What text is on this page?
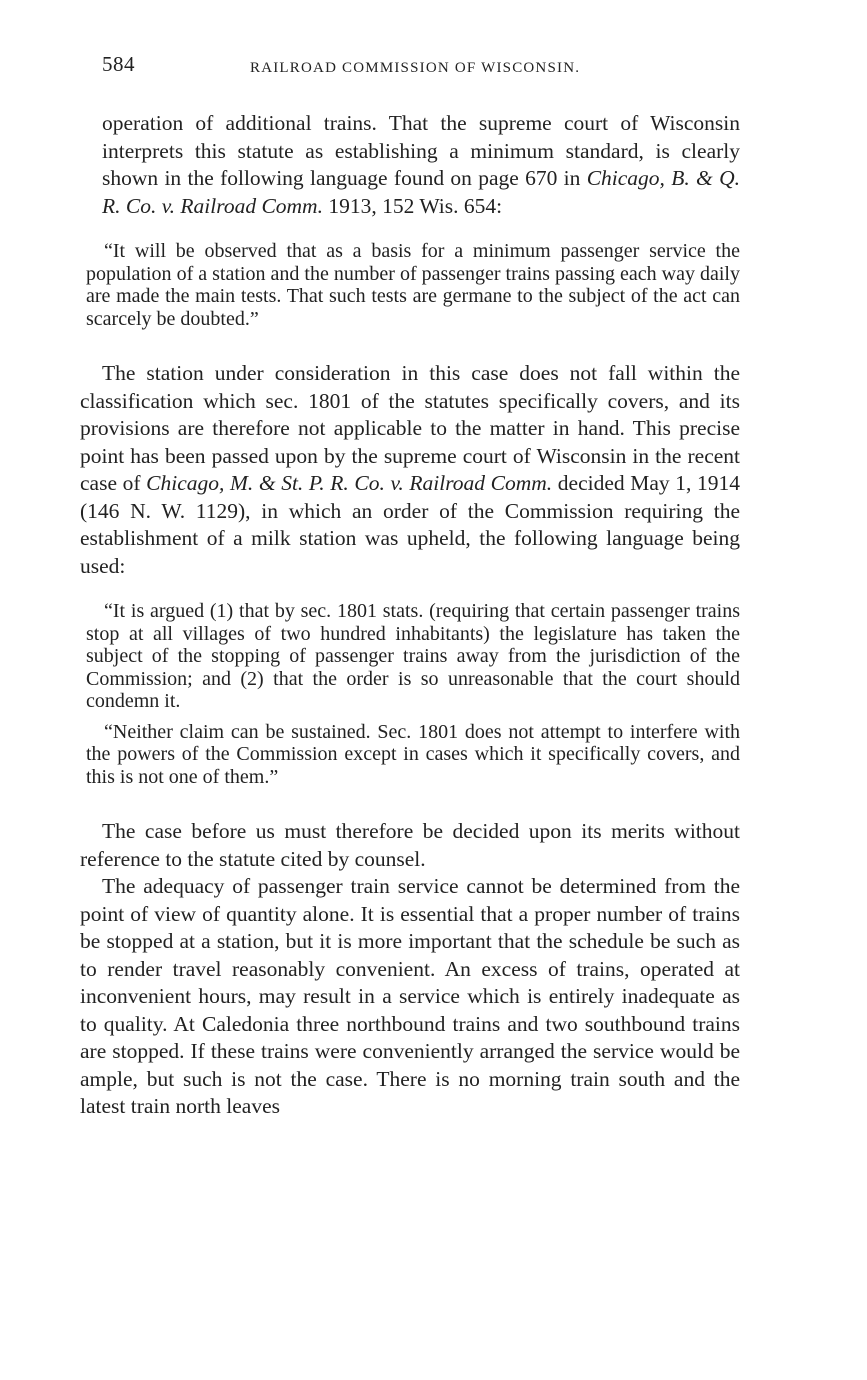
584	RAILROAD COMMISSION OF WISCONSIN.

operation of additional trains. That the supreme court of Wisconsin interprets this statute as establishing a minimum standard, is clearly shown in the following language found on page 670 in Chicago, B. & Q. R. Co. v. Railroad Comm. 1913, 152 Wis. 654:

“It will be observed that as a basis for a minimum passenger service the population of a station and the number of passenger trains passing each way daily are made the main tests. That such tests are germane to the subject of the act can scarcely be doubted.”

The station under consideration in this case does not fall within the classification which sec. 1801 of the statutes specifically covers, and its provisions are therefore not applicable to the matter in hand. This precise point has been passed upon by the supreme court of Wisconsin in the recent case of Chicago, M. & St. P. R. Co. v. Railroad Comm. decided May 1, 1914 (146 N. W. 1129), in which an order of the Commission requiring the establishment of a milk station was upheld, the following language being used:

“It is argued (1) that by sec. 1801 stats. (requiring that certain passenger trains stop at all villages of two hundred inhabitants) the legislature has taken the subject of the stopping of passenger trains away from the jurisdiction of the Commission; and (2) that the order is so unreasonable that the court should condemn it.

“Neither claim can be sustained. Sec. 1801 does not attempt to interfere with the powers of the Commission except in cases which it specifically covers, and this is not one of them.”

The case before us must therefore be decided upon its merits without reference to the statute cited by counsel.

The adequacy of passenger train service cannot be determined from the point of view of quantity alone. It is essential that a proper number of trains be stopped at a station, but it is more important that the schedule be such as to render travel reasonably convenient. An excess of trains, operated at inconvenient hours, may result in a service which is entirely inadequate as to quality. At Caledonia three northbound trains and two southbound trains are stopped. If these trains were conveniently arranged the service would be ample, but such is not the case. There is no morning train south and the latest train north leaves
